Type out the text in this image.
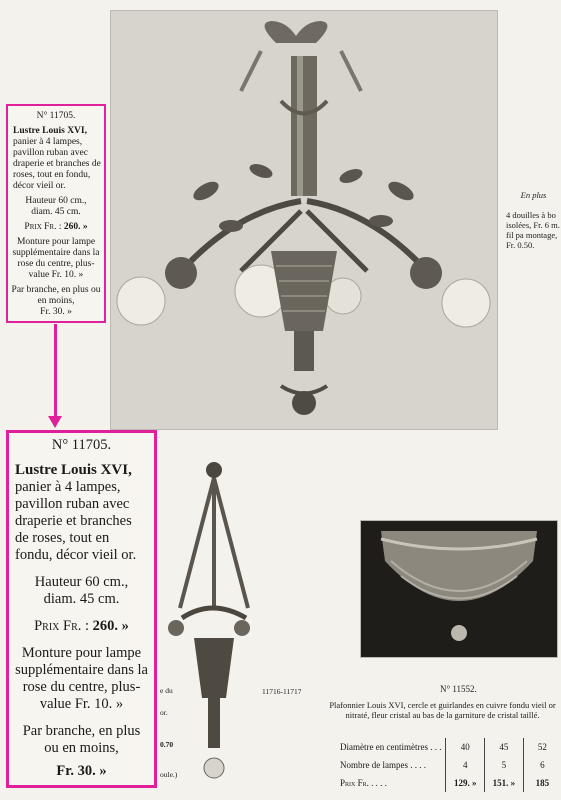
N° 11705.

Lustre Louis XVI, panier à 4 lampes, pavillon ruban avec draperie et branches de roses, tout en fondu, décor vieil or.

Hauteur 60 cm.,
diam. 45 cm.

Prix Fr. : 260. »

Monture pour lampe supplémentaire dans la rose du centre, plus-value Fr. 10. »

Par branche, en plus ou en moins,
Fr. 30. »

N° 11705.

Lustre Louis XVI, panier à 4 lampes, pavillon ruban avec draperie et branches de roses, tout en fondu, décor vieil or.

Hauteur 60 cm.,
diam. 45 cm.

Prix Fr. : 260. »

Monture pour lampe supplémentaire dans la rose du centre, plus-value Fr. 10. »

Par branche, en plus ou en moins,

Fr. 30. »

En plus
4 douilles à bo isolées, Fr. 6 m. fil pa montage, Fr. 0.50.
e du
or.
0.70
oule.)
11716-11717	N° 11552.
Plafonnier Louis XVI, cercle et guirlandes en cuivre fondu vieil or nitraté, fleur cristal au bas de la garniture de cristal taillé.
Diamètre en centimètres . . .	40	45	52
Nombre de lampes . . . .	4	5	6
Prix Fr. . . . .	129. »	151. »	185
